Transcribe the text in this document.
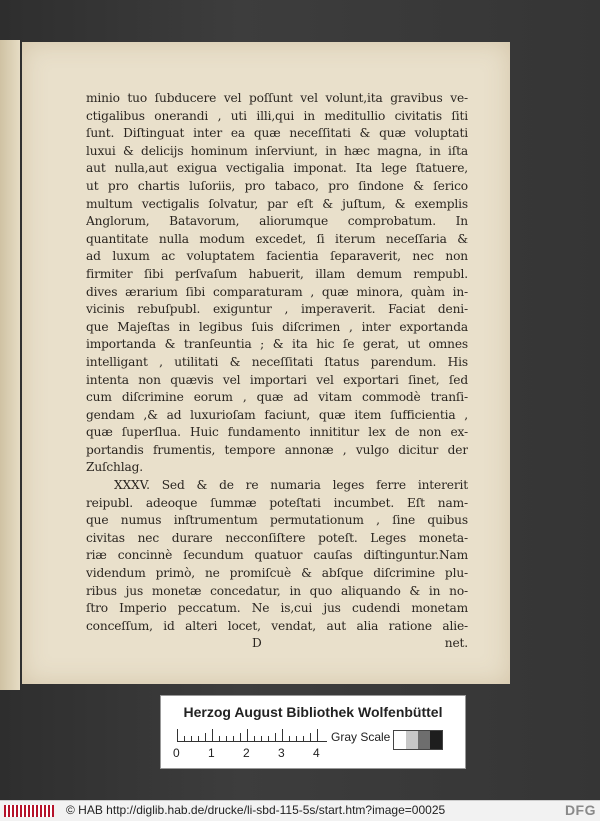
minio tuo ſubducere vel poſſunt vel volunt,ita gravibus ve-
ctigalibus onerandi , uti illi,qui in meditullio civitatis ſiti
ſunt. Diſtinguat inter ea quæ neceſſitati & quæ voluptati
luxui & delicijs hominum inſerviunt, in hæc magna, in iſta
aut nulla,aut exigua vectigalia imponat. Ita lege ſtatuere,
ut pro chartis luſoriis, pro tabaco, pro ſindone & ſerico
multum vectigalis ſolvatur, par eſt & juſtum, & exemplis
Anglorum, Batavorum, aliorumque comprobatum. In
quantitate nulla modum excedet, ſi iterum neceſſaria &
ad luxum ac voluptatem facientia ſeparaverit, nec non
firmiter ſibi perſvaſum habuerit, illam demum rempubl.
dives ærarium ſibi comparaturam , quæ minora, quàm in-
vicinis rebuſpubl. exiguntur , imperaverit. Faciat deni-
que Majeſtas in legibus ſuis diſcrimen , inter exportanda
importanda & tranſeuntia ; & ita hic ſe gerat, ut omnes
intelligant , utilitati & neceſſitati ſtatus parendum. His
intenta non quævis vel importari vel exportari ſinet, ſed
cum diſcrimine eorum , quæ ad vitam commodè tranſi-
gendam ,& ad luxurioſam faciunt, quæ item ſufficientia ,
quæ ſuperſlua. Huic fundamento innititur lex de non ex-
portandis frumentis, tempore annonæ , vulgo dicitur der
Zuſchlag.
XXXV. Sed & de re numaria leges ferre intererit
reipubl. adeoque ſummæ poteſtati incumbet. Eſt nam-
que numus inſtrumentum permutationum , ſine quibus
civitas nec durare necconſiſtere poteſt. Leges moneta-
riæ concinnè ſecundum quatuor cauſas diſtinguntur.Nam
videndum primò, ne promiſcuè & abſque diſcrimine plu-
ribus jus monetæ concedatur, in quo aliquando & in no-
ſtro Imperio peccatum. Ne is,cui jus cudendi monetam
conceſſum, id alteri locet, vendat, aut alia ratione alie-
D	net.
Herzog August Bibliothek Wolfenbüttel
0 1 2 3 4
Gray Scale
© HAB http://diglib.hab.de/drucke/li-sbd-115-5s/start.htm?image=00025	DFG
